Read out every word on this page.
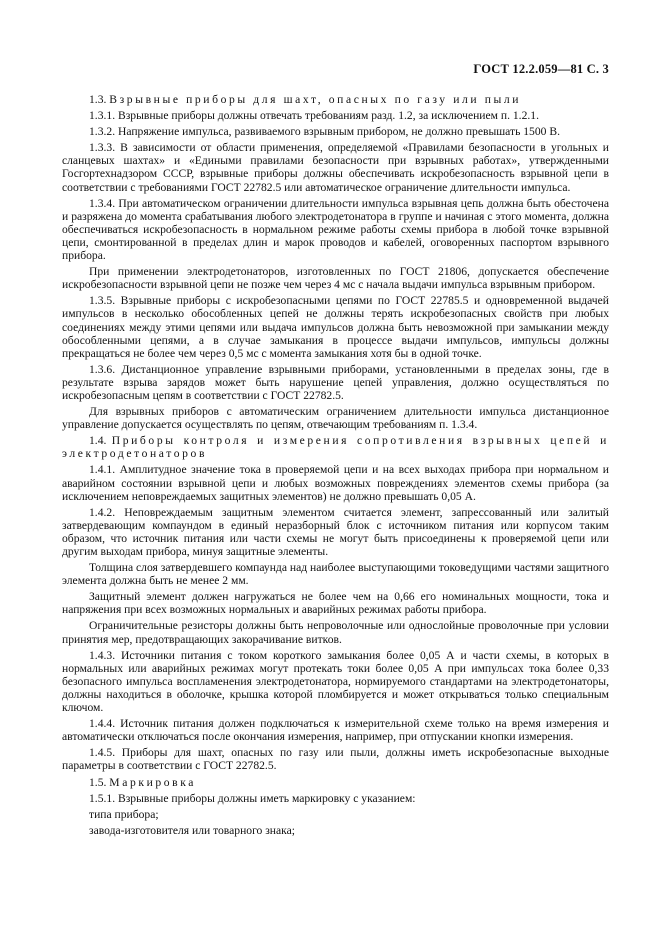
ГОСТ 12.2.059—81 С. 3

1.3. Взрывные приборы для шахт, опасных по газу или пыли

1.3.1. Взрывные приборы должны отвечать требованиям разд. 1.2, за исключением п. 1.2.1.

1.3.2. Напряжение импульса, развиваемого взрывным прибором, не должно превышать 1500 В.

1.3.3. В зависимости от области применения, определяемой «Правилами безопасности в угольных и сланцевых шахтах» и «Едиными правилами безопасности при взрывных работах», утвержденными Госгортехнадзором СССР, взрывные приборы должны обеспечивать искробезопасность взрывной цепи в соответствии с требованиями ГОСТ 22782.5 или автоматическое ограничение длительности импульса.

1.3.4. При автоматическом ограничении длительности импульса взрывная цепь должна быть обесточена и разряжена до момента срабатывания любого электродетонатора в группе и начиная с этого момента, должна обеспечиваться искробезопасность в нормальном режиме работы схемы прибора в любой точке взрывной цепи, смонтированной в пределах длин и марок проводов и кабелей, оговоренных паспортом взрывного прибора.

При применении электродетонаторов, изготовленных по ГОСТ 21806, допускается обеспечение искробезопасности взрывной цепи не позже чем через 4 мс с начала выдачи импульса взрывным прибором.

1.3.5. Взрывные приборы с искробезопасными цепями по ГОСТ 22785.5 и одновременной выдачей импульсов в несколько обособленных цепей не должны терять искробезопасных свойств при любых соединениях между этими цепями или выдача импульсов должна быть невозможной при замыкании между обособленными цепями, а в случае замыкания в процессе выдачи импульсов, импульсы должны прекращаться не более чем через 0,5 мс с момента замыкания хотя бы в одной точке.

1.3.6. Дистанционное управление взрывными приборами, установленными в пределах зоны, где в результате взрыва зарядов может быть нарушение цепей управления, должно осуществляться по искробезопасным цепям в соответствии с ГОСТ 22782.5.

Для взрывных приборов с автоматическим ограничением длительности импульса дистанционное управление допускается осуществлять по цепям, отвечающим требованиям п. 1.3.4.

1.4. Приборы контроля и измерения сопротивления взрывных цепей и электродетонаторов

1.4.1. Амплитудное значение тока в проверяемой цепи и на всех выходах прибора при нормальном и аварийном состоянии взрывной цепи и любых возможных повреждениях элементов схемы прибора (за исключением неповреждаемых защитных элементов) не должно превышать 0,05 А.

1.4.2. Неповреждаемым защитным элементом считается элемент, запрессованный или залитый затвердевающим компаундом в единый неразборный блок с источником питания или корпусом таким образом, что источник питания или части схемы не могут быть присоединены к проверяемой цепи или другим выходам прибора, минуя защитные элементы.

Толщина слоя затвердевшего компаунда над наиболее выступающими токоведущими частями защитного элемента должна быть не менее 2 мм.

Защитный элемент должен нагружаться не более чем на 0,66 его номинальных мощности, тока и напряжения при всех возможных нормальных и аварийных режимах работы прибора.

Ограничительные резисторы должны быть непроволочные или однослойные проволочные при условии принятия мер, предотвращающих закорачивание витков.

1.4.3. Источники питания с током короткого замыкания более 0,05 А и части схемы, в которых в нормальных или аварийных режимах могут протекать токи более 0,05 А при импульсах тока более 0,33 безопасного импульса воспламенения электродетонатора, нормируемого стандартами на электродетонаторы, должны находиться в оболочке, крышка которой пломбируется и может открываться только специальным ключом.

1.4.4. Источник питания должен подключаться к измерительной схеме только на время измерения и автоматически отключаться после окончания измерения, например, при отпускании кнопки измерения.

1.4.5. Приборы для шахт, опасных по газу или пыли, должны иметь искробезопасные выходные параметры в соответствии с ГОСТ 22782.5.

1.5. Маркировка

1.5.1. Взрывные приборы должны иметь маркировку с указанием:

типа прибора;

завода-изготовителя или товарного знака;
